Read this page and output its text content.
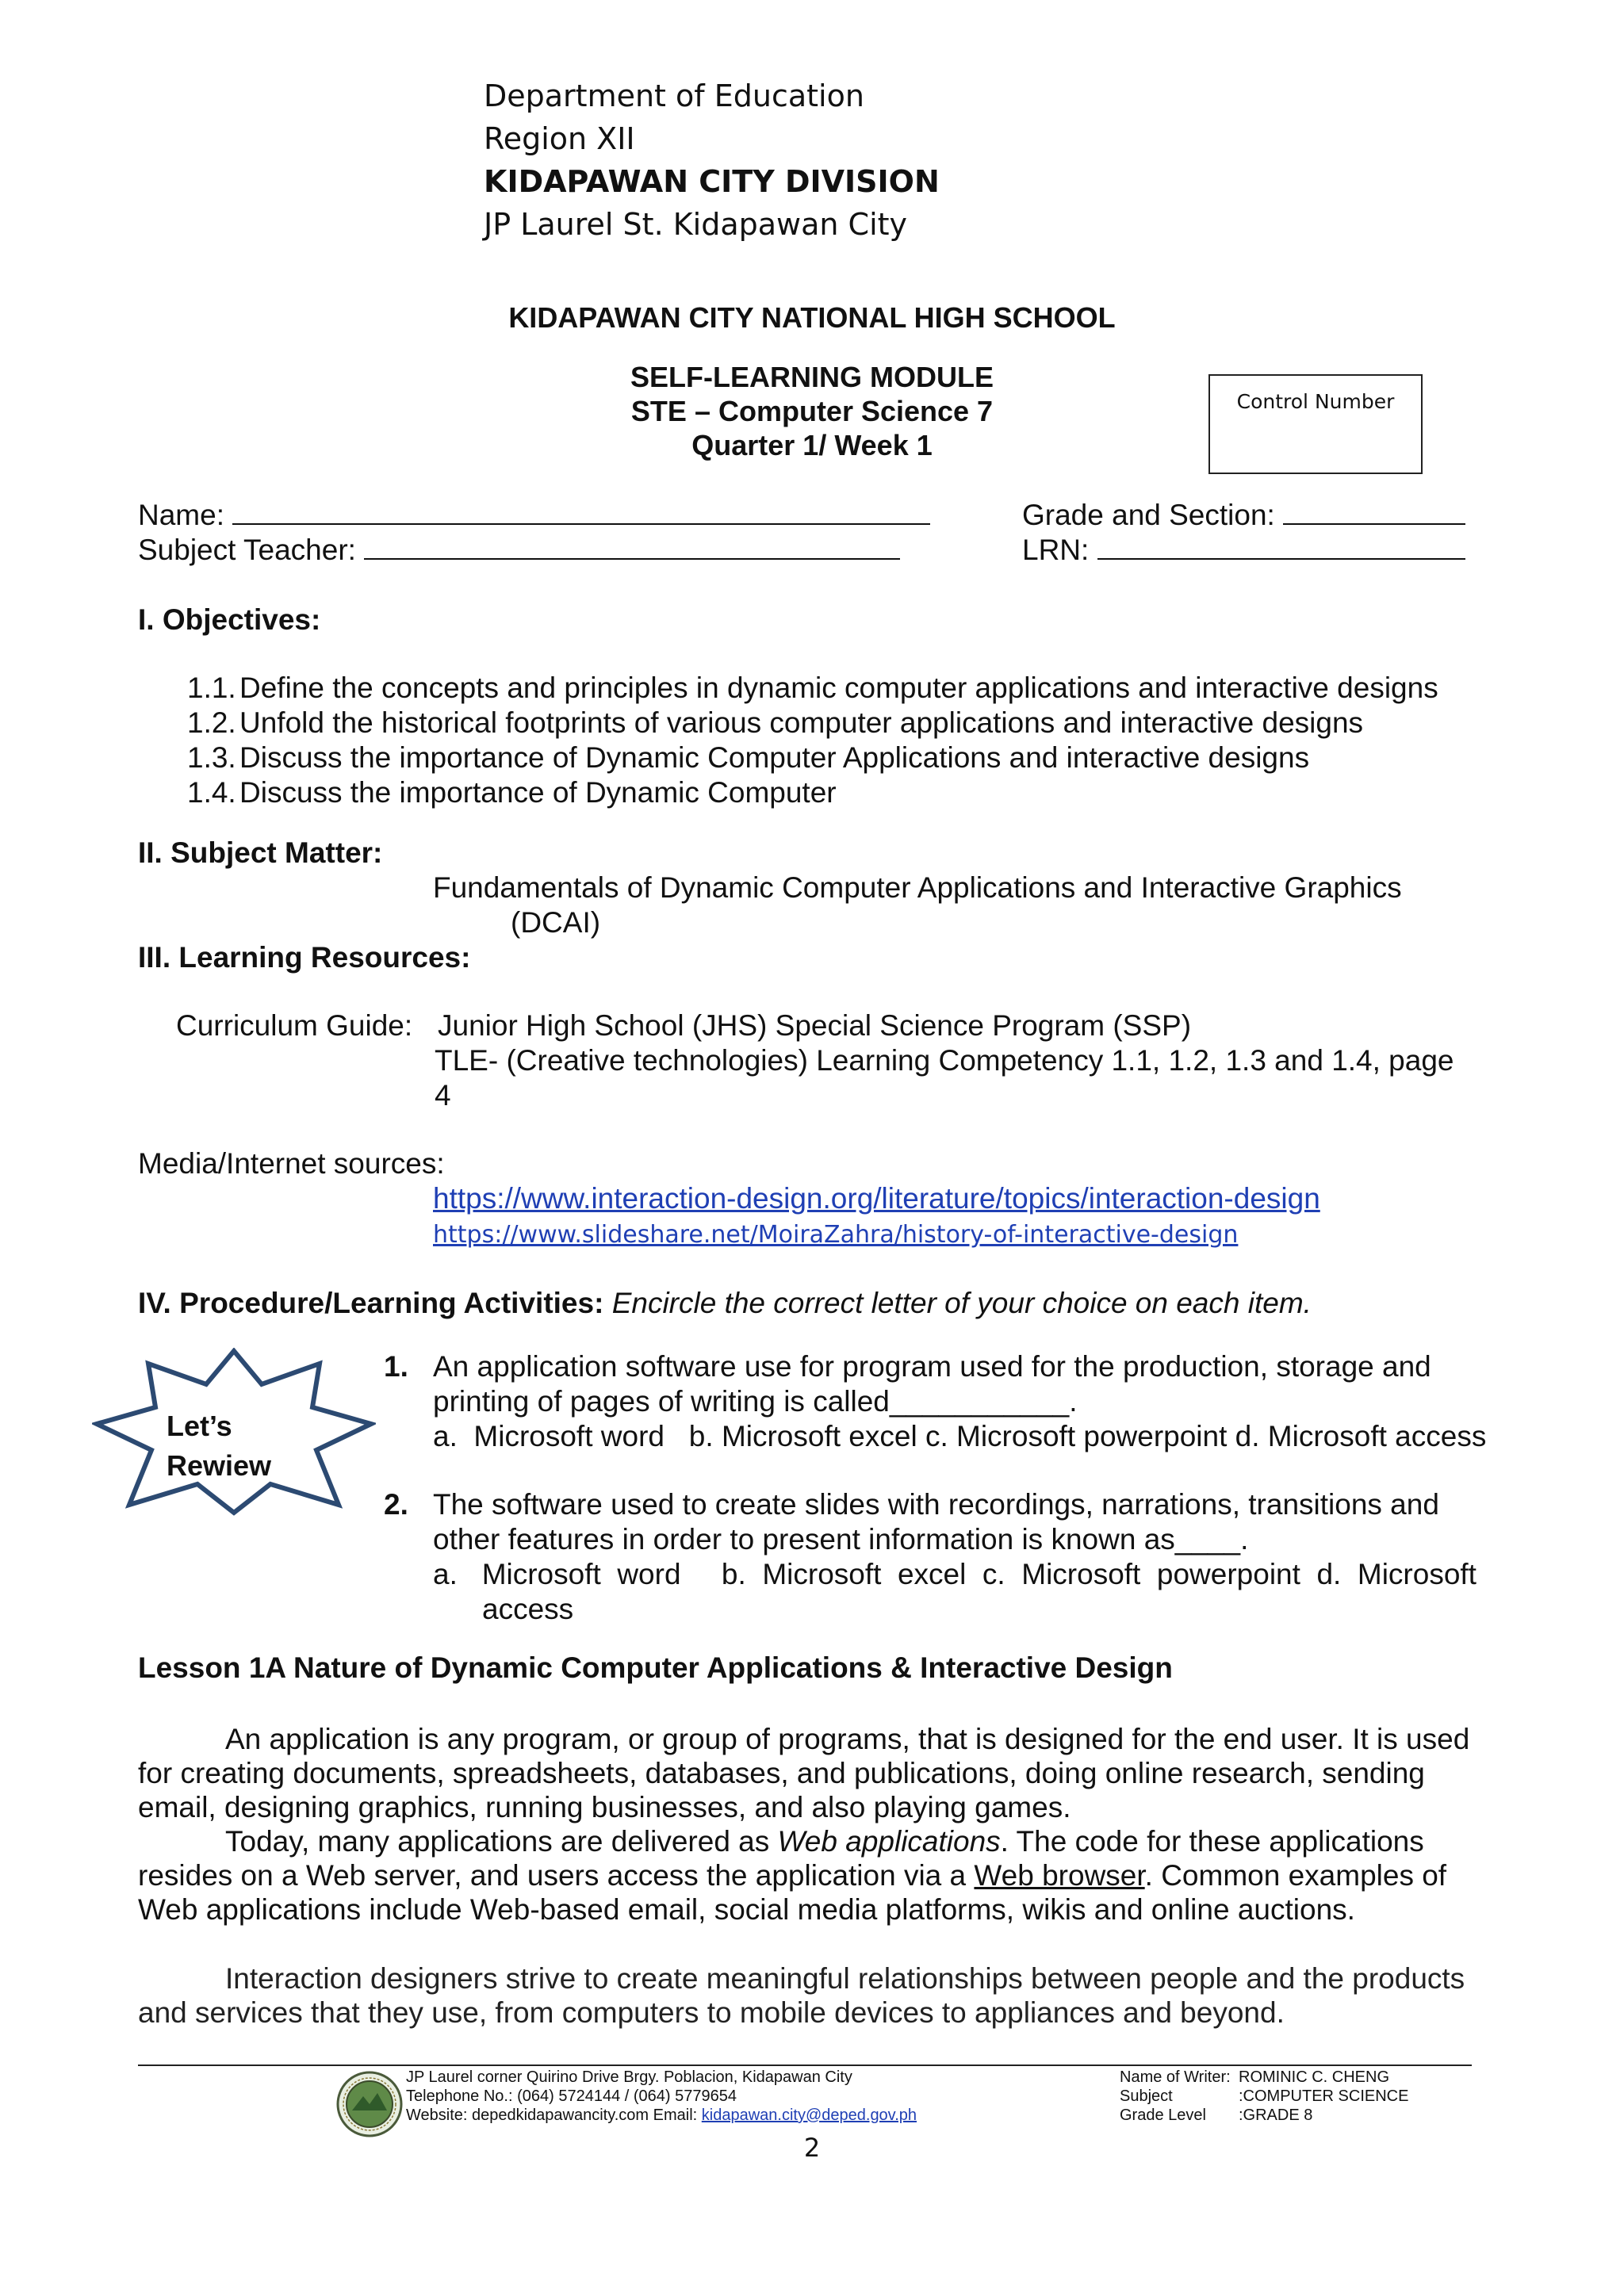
Department of Education
Region XII
KIDAPAWAN CITY DIVISION
JP Laurel St. Kidapawan City
KIDAPAWAN CITY NATIONAL HIGH SCHOOL
SELF-LEARNING MODULE
STE – Computer Science 7
Quarter 1/ Week 1
Control Number
Name:
Subject Teacher:
Grade and Section:
LRN:
I. Objectives:
1.1. Define the concepts and principles in dynamic computer applications and interactive designs
1.2. Unfold the historical footprints of various computer applications and interactive designs
1.3. Discuss the importance of Dynamic Computer Applications and interactive designs
1.4. Discuss the importance of Dynamic Computer
II. Subject Matter:
Fundamentals of Dynamic Computer Applications and Interactive Graphics
(DCAI)
III. Learning Resources:
Curriculum Guide: Junior High School (JHS) Special Science Program (SSP)
TLE- (Creative technologies) Learning Competency 1.1, 1.2, 1.3 and 1.4, page
4
Media/Internet sources:
https://www.interaction-design.org/literature/topics/interaction-design
https://www.slideshare.net/MoiraZahra/history-of-interactive-design
IV. Procedure/Learning Activities: Encircle the correct letter of your choice on each item.
Let’s
Rewiew
1. An application software use for program used for the production, storage and
printing of pages of writing is called___________.
a.  Microsoft word   b. Microsoft excel c. Microsoft powerpoint d. Microsoft access
2. The software used to create slides with recordings, narrations, transitions and
other features in order to present information is known as____.
a.   Microsoft  word     b.  Microsoft  excel  c.  Microsoft  powerpoint  d.  Microsoft
access
Lesson 1A Nature of Dynamic Computer Applications & Interactive Design
An application is any program, or group of programs, that is designed for the end user. It is used
for creating documents, spreadsheets, databases, and publications, doing online research, sending
email, designing graphics, running businesses, and also playing games.
Today, many applications are delivered as Web applications. The code for these applications
resides on a Web server, and users access the application via a Web browser. Common examples of
Web applications include Web-based email, social media platforms, wikis and online auctions.
Interaction designers strive to create meaningful relationships between people and the products
and services that they use, from computers to mobile devices to appliances and beyond.
JP Laurel corner Quirino Drive Brgy. Poblacion, Kidapawan City
Telephone No.: (064) 5724144 / (064) 5779654
Website: depedkidapawancity.com Email: kidapawan.city@deped.gov.ph
Name of Writer: ROMINIC C. CHENG
Subject	:COMPUTER SCIENCE
Grade Level :GRADE 8
2
